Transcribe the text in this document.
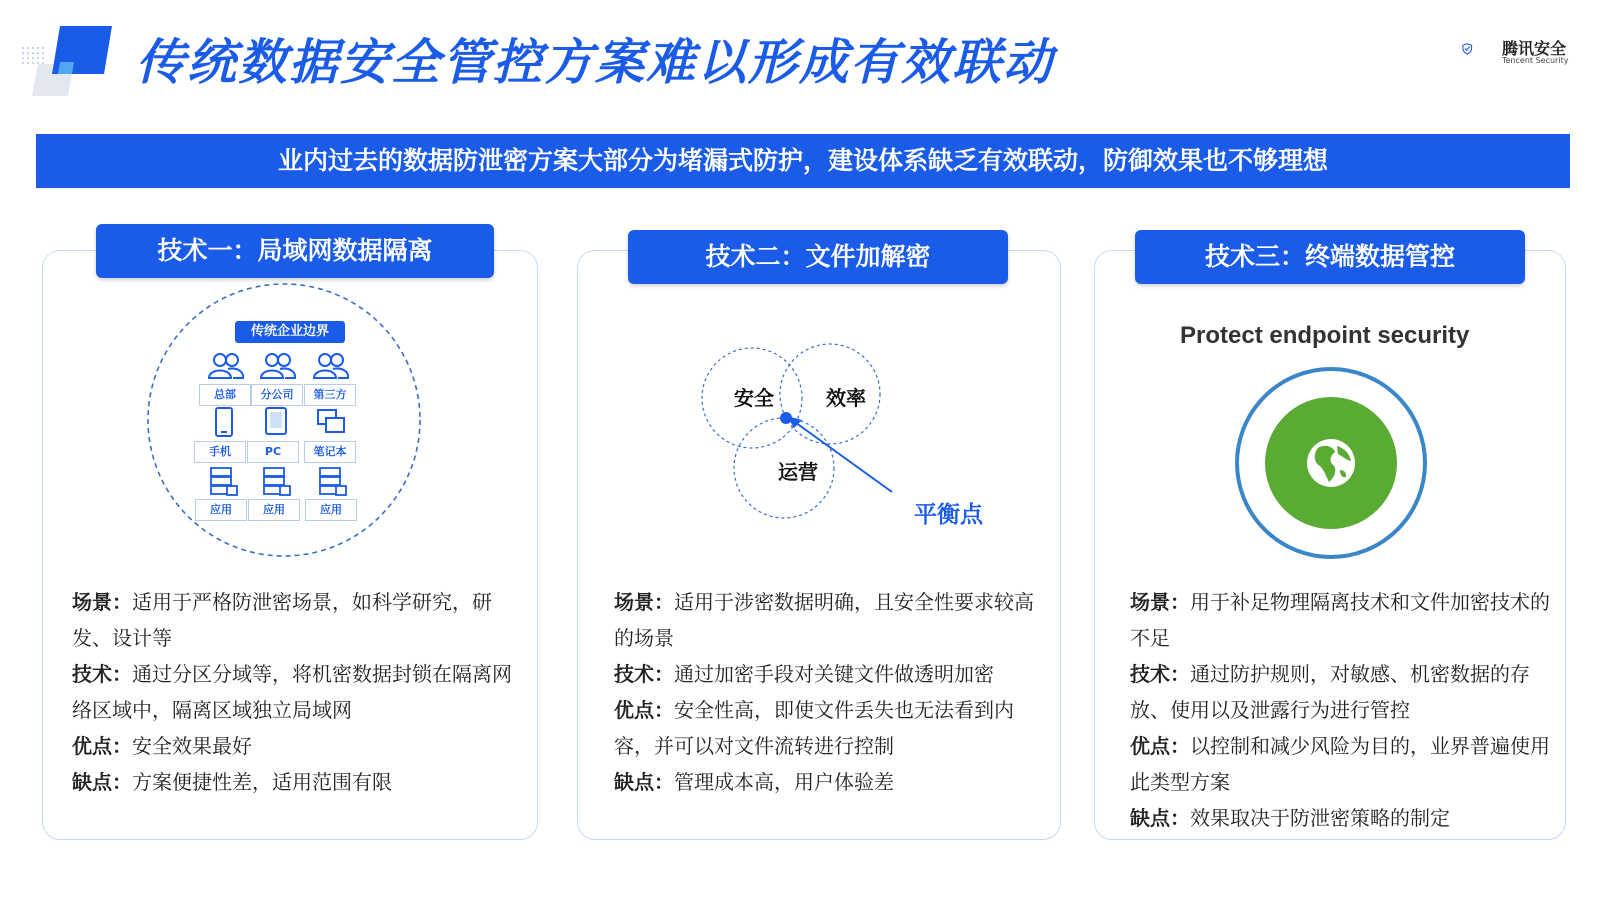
传统数据安全管控方案难以形成有效联动	腾讯安全
Tencent Security
业内过去的数据防泄密方案大部分为堵漏式防护，建设体系缺乏有效联动，防御效果也不够理想
技术一：局域网数据隔离
传统企业边界
总部	分公司	第三方
手机	PC	笔记本
应用	应用	应用
场景：适用于严格防泄密场景，如科学研究，研发、设计等
技术：通过分区分域等，将机密数据封锁在隔离网络区域中，隔离区域独立局域网
优点：安全效果最好
缺点：方案便捷性差，适用范围有限
技术二：文件加解密
安全	效率
运营
平衡点
场景：适用于涉密数据明确，且安全性要求较高的场景
技术：通过加密手段对关键文件做透明加密
优点：安全性高，即使文件丢失也无法看到内容，并可以对文件流转进行控制
缺点：管理成本高，用户体验差
技术三：终端数据管控
Protect endpoint security
场景：用于补足物理隔离技术和文件加密技术的不足
技术：通过防护规则，对敏感、机密数据的存放、使用以及泄露行为进行管控
优点：以控制和减少风险为目的，业界普遍使用此类型方案
缺点：效果取决于防泄密策略的制定
